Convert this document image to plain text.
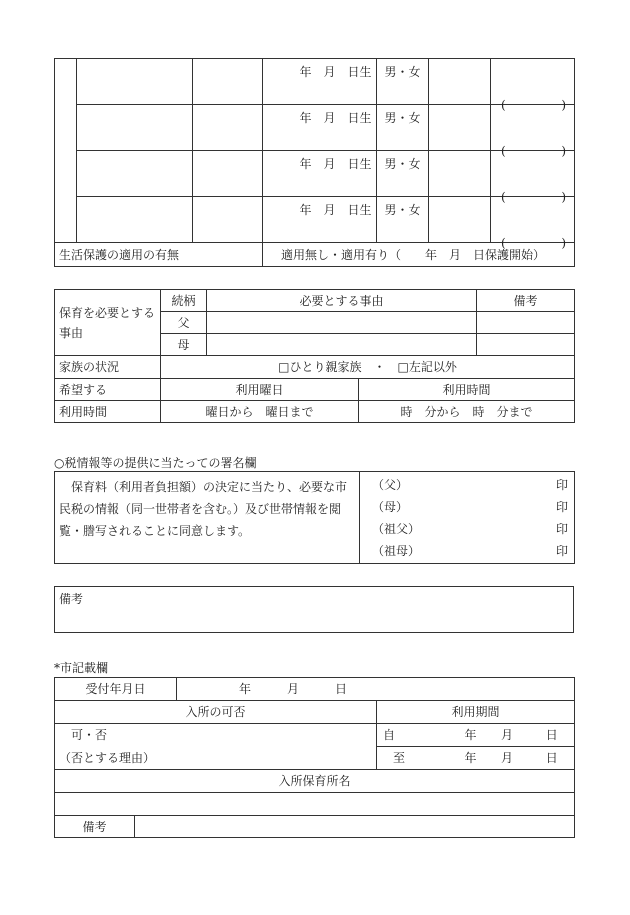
			年　月　日生	男・女		( )

			年　月　日生	男・女		( )

			年　月　日生	男・女		( )

			年　月　日生	男・女		( )

生活保護の適用の有無			適用無し・適用有り（　　年　月　日保護開始）			
保育を必要とする事由	続柄	必要とする事由		備考
	父			
	母			
家族の状況	□ひとり親家族　・　□左記以外			
希望する	利用曜日		利用時間	
利用時間	曜日から　曜日まで		時　分から　時　分まで	
○税情報等の提供に当たっての署名欄
保育料（利用者負担額）の決定に当たり、必要な市民税の情報（同一世帯者を含む。）及び世帯情報を閲覧・謄写されることに同意します。	
（父）	印
（母）	印
（祖父）	印
（祖母）	印
備考
*市記載欄
受付年月日		年　　　月　　　日				
入所の可否			利用期間			
可・否			自	年	月	日
（否とする理由）			至	年	月	日
入所保育所名						

備考						
